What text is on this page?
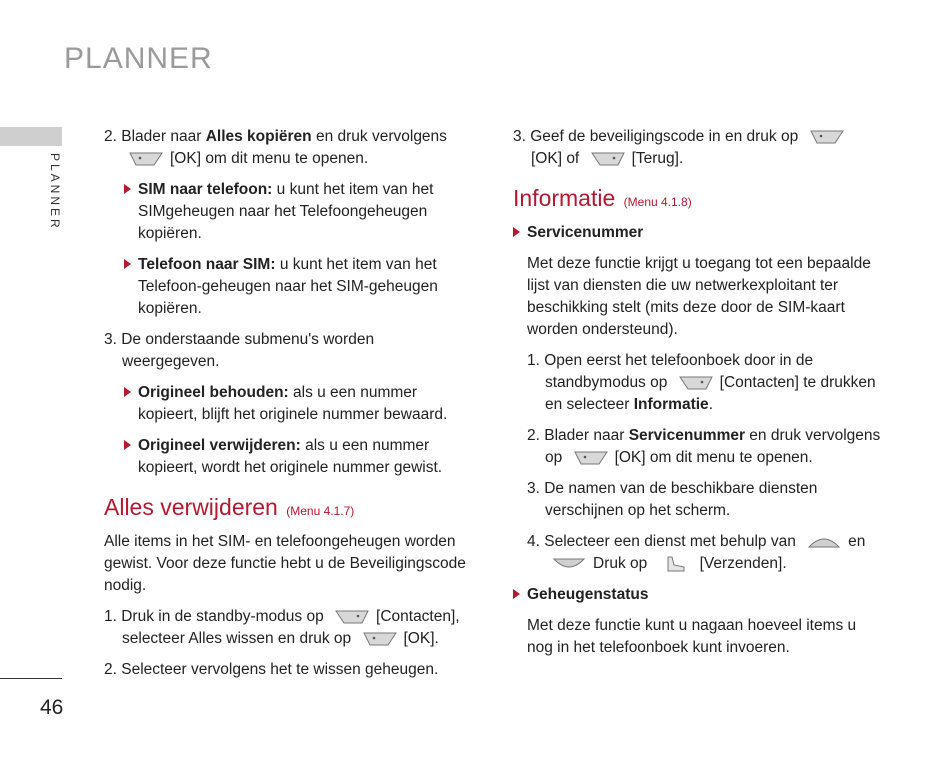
PLANNER
PLANNER
46
2. Blader naar Alles kopiëren en druk vervolgens

[OK] om dit menu te openen.
SIM naar telefoon: u kunt het item van het SIMgeheugen naar het Telefoongeheugen kopiëren.
Telefoon naar SIM: u kunt het item van het Telefoon-geheugen naar het SIM-geheugen kopiëren.
3. De onderstaande submenu's worden weergegeven.
Origineel behouden: als u een nummer kopieert, blijft het originele nummer bewaard.
Origineel verwijderen: als u een nummer kopieert, wordt het originele nummer gewist.
Alles verwijderen (Menu 4.1.7)
Alle items in het SIM- en telefoongeheugen worden gewist. Voor deze functie hebt u de Beveiligingscode nodig.
1. Druk in de standby-modus op	[Contacten],
selecteer Alles wissen en druk op	[OK].
2. Selecteer vervolgens het te wissen geheugen.
3. Geef de beveiligingscode in en druk op

[OK] of	[Terug].
Informatie (Menu 4.1.8)
Servicenummer
Met deze functie krijgt u toegang tot een bepaalde lijst van diensten die uw netwerkexploitant ter beschikking stelt (mits deze door de SIM-kaart worden ondersteund).
1. Open eerst het telefoonboek door in de standbymodus op	[Contacten] te drukken en selecteer Informatie.
2. Blader naar Servicenummer en druk vervolgens op	[OK] om dit menu te openen.
3. De namen van de beschikbare diensten verschijnen op het scherm.
4. Selecteer een dienst met behulp van	en

Druk op	[Verzenden].
Geheugenstatus
Met deze functie kunt u nagaan hoeveel items u nog in het telefoonboek kunt invoeren.
